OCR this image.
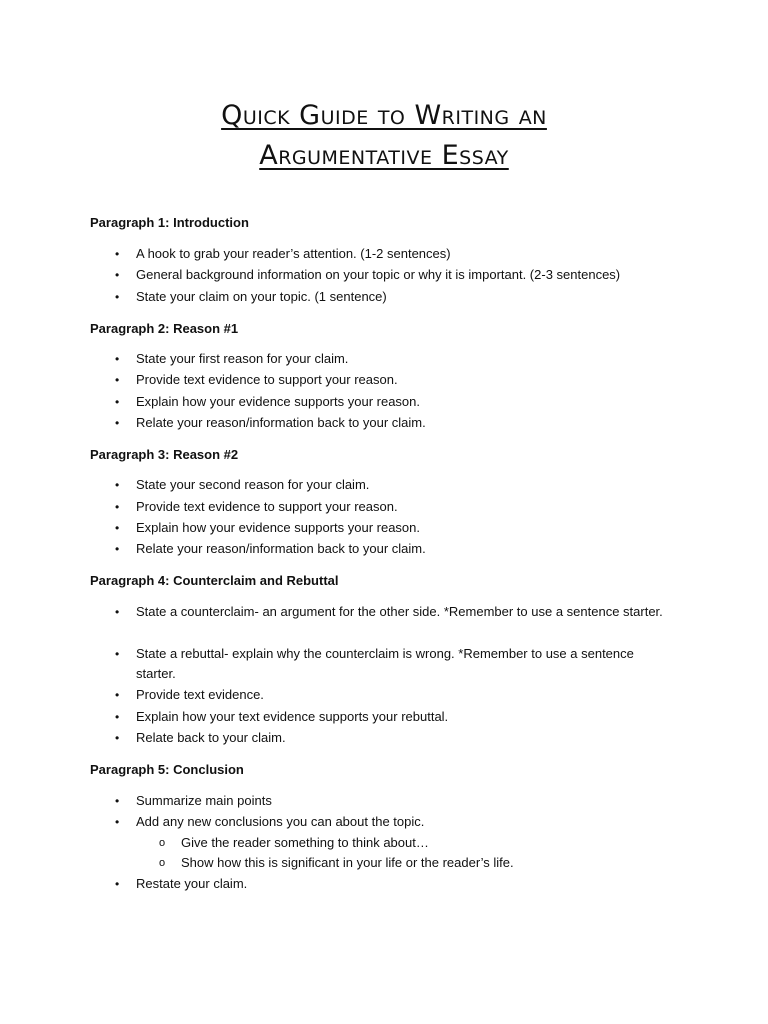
Quick Guide to Writing an
Argumentative Essay
Paragraph 1: Introduction
• A hook to grab your reader’s attention. (1-2 sentences)
• General background information on your topic or why it is important. (2-3 sentences)
• State your claim on your topic. (1 sentence)
Paragraph 2: Reason #1
• State your first reason for your claim.
• Provide text evidence to support your reason.
• Explain how your evidence supports your reason.
• Relate your reason/information back to your claim.
Paragraph 3: Reason #2
• State your second reason for your claim.
• Provide text evidence to support your reason.
• Explain how your evidence supports your reason.
• Relate your reason/information back to your claim.
Paragraph 4: Counterclaim and Rebuttal
• State a counterclaim- an argument for the other side. *Remember to use a sentence starter.
• State a rebuttal- explain why the counterclaim is wrong. *Remember to use a sentence starter.
• Provide text evidence.
• Explain how your text evidence supports your rebuttal.
• Relate back to your claim.
Paragraph 5: Conclusion
• Summarize main points
• Add any new conclusions you can about the topic.
o Give the reader something to think about…
o Show how this is significant in your life or the reader’s life.
• Restate your claim.
